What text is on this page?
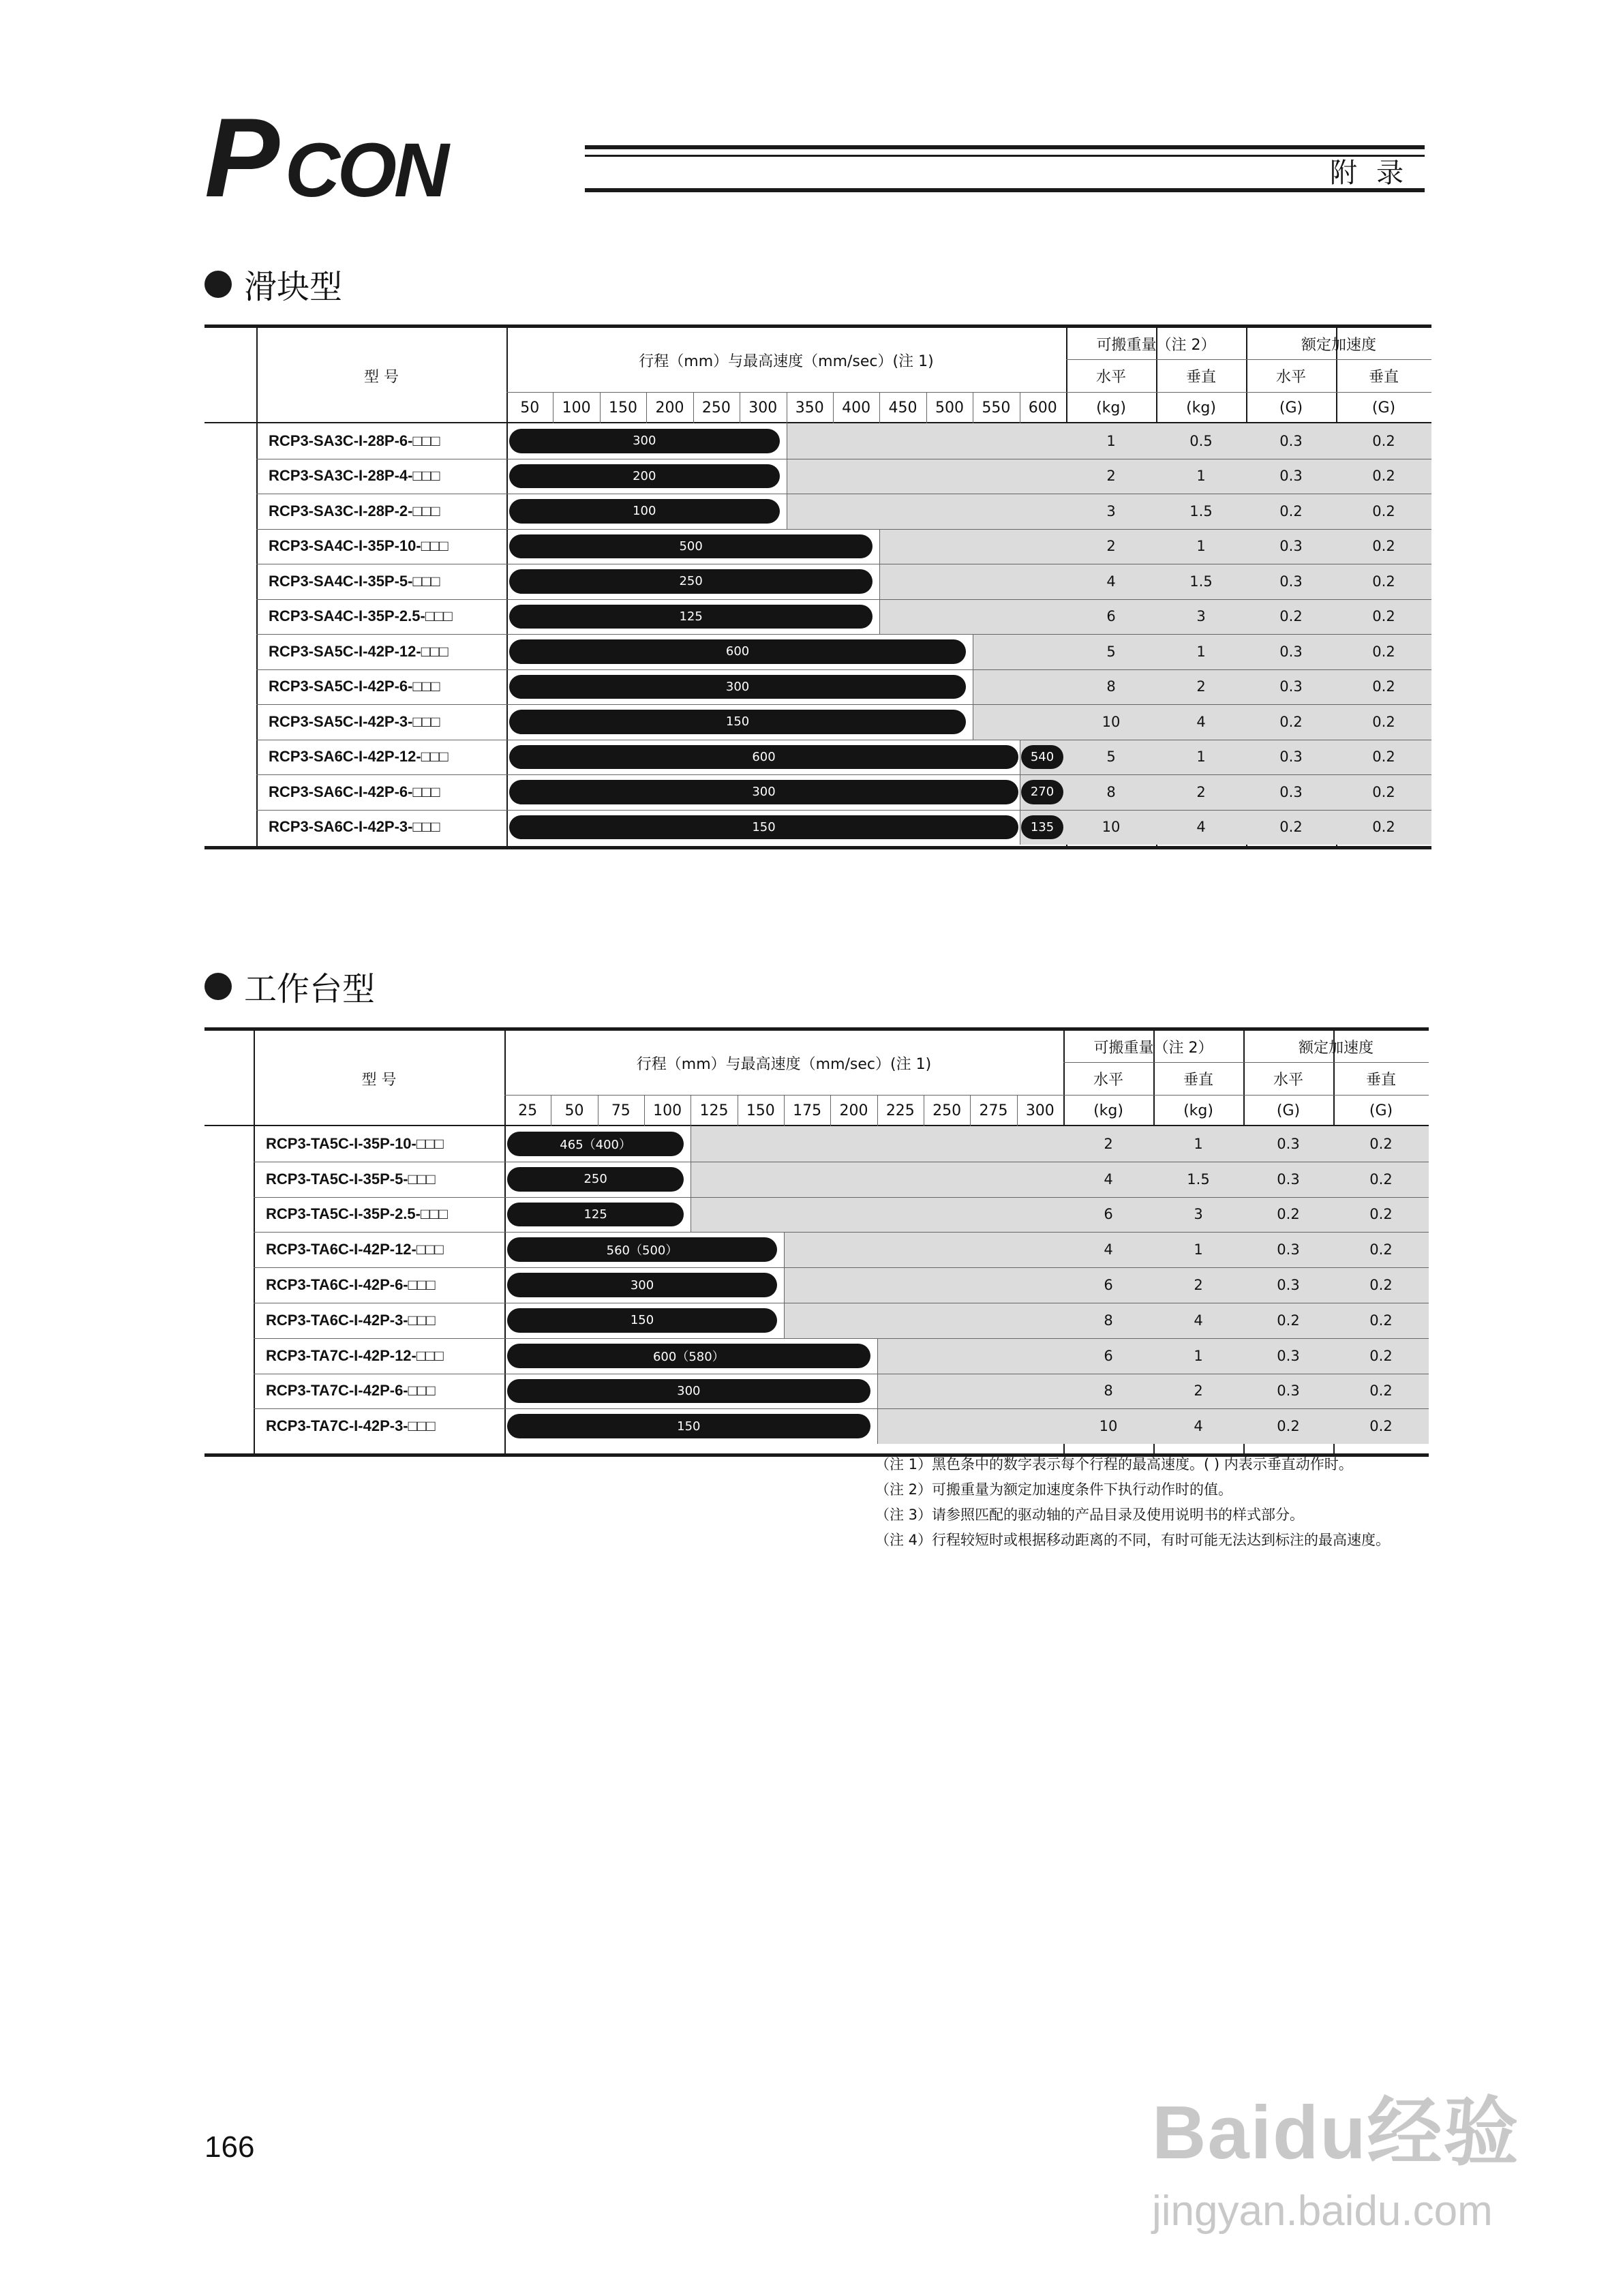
P CON	附录
滑块型
型 号
行程（mm）与最高速度（mm/sec）(注 1)
可搬重量（注 2）	额定加速度
水平	垂直	水平	垂直
(kg)	(kg)	(G)	(G)
50	100	150	200	250	300	350	400	450	500	550	600
RCP3-SA3C-I-28P-6-□□□	300	1	0.5	0.3	0.2
RCP3-SA3C-I-28P-4-□□□	200	2	1	0.3	0.2
RCP3-SA3C-I-28P-2-□□□	100	3	1.5	0.2	0.2
RCP3-SA4C-I-35P-10-□□□	500	2	1	0.3	0.2
RCP3-SA4C-I-35P-5-□□□	250	4	1.5	0.3	0.2
RCP3-SA4C-I-35P-2.5-□□□	125	6	3	0.2	0.2
RCP3-SA5C-I-42P-12-□□□	600	5	1	0.3	0.2
RCP3-SA5C-I-42P-6-□□□	300	8	2	0.3	0.2
RCP3-SA5C-I-42P-3-□□□	150	10	4	0.2	0.2
RCP3-SA6C-I-42P-12-□□□	600	540	5	1	0.3	0.2
RCP3-SA6C-I-42P-6-□□□	300	270	8	2	0.3	0.2
RCP3-SA6C-I-42P-3-□□□	150	135	10	4	0.2	0.2
工作台型
型 号
行程（mm）与最高速度（mm/sec）(注 1)
可搬重量（注 2）	额定加速度
水平	垂直	水平	垂直
(kg)	(kg)	(G)	(G)
25	50	75	100	125	150	175	200	225	250	275	300
RCP3-TA5C-I-35P-10-□□□	465（400）	2	1	0.3	0.2
RCP3-TA5C-I-35P-5-□□□	250	4	1.5	0.3	0.2
RCP3-TA5C-I-35P-2.5-□□□	125	6	3	0.2	0.2
RCP3-TA6C-I-42P-12-□□□	560（500）	4	1	0.3	0.2
RCP3-TA6C-I-42P-6-□□□	300	6	2	0.3	0.2
RCP3-TA6C-I-42P-3-□□□	150	8	4	0.2	0.2
RCP3-TA7C-I-42P-12-□□□	600（580）	6	1	0.3	0.2
RCP3-TA7C-I-42P-6-□□□	300	8	2	0.3	0.2
RCP3-TA7C-I-42P-3-□□□	150	10	4	0.2	0.2
（注 1）黑色条中的数字表示每个行程的最高速度。( ) 内表示垂直动作时。
（注 2）可搬重量为额定加速度条件下执行动作时的值。
（注 3）请参照匹配的驱动轴的产品目录及使用说明书的样式部分。
（注 4）行程较短时或根据移动距离的不同，有时可能无法达到标注的最高速度。
166	Baidu经验
jingyan.baidu.com
